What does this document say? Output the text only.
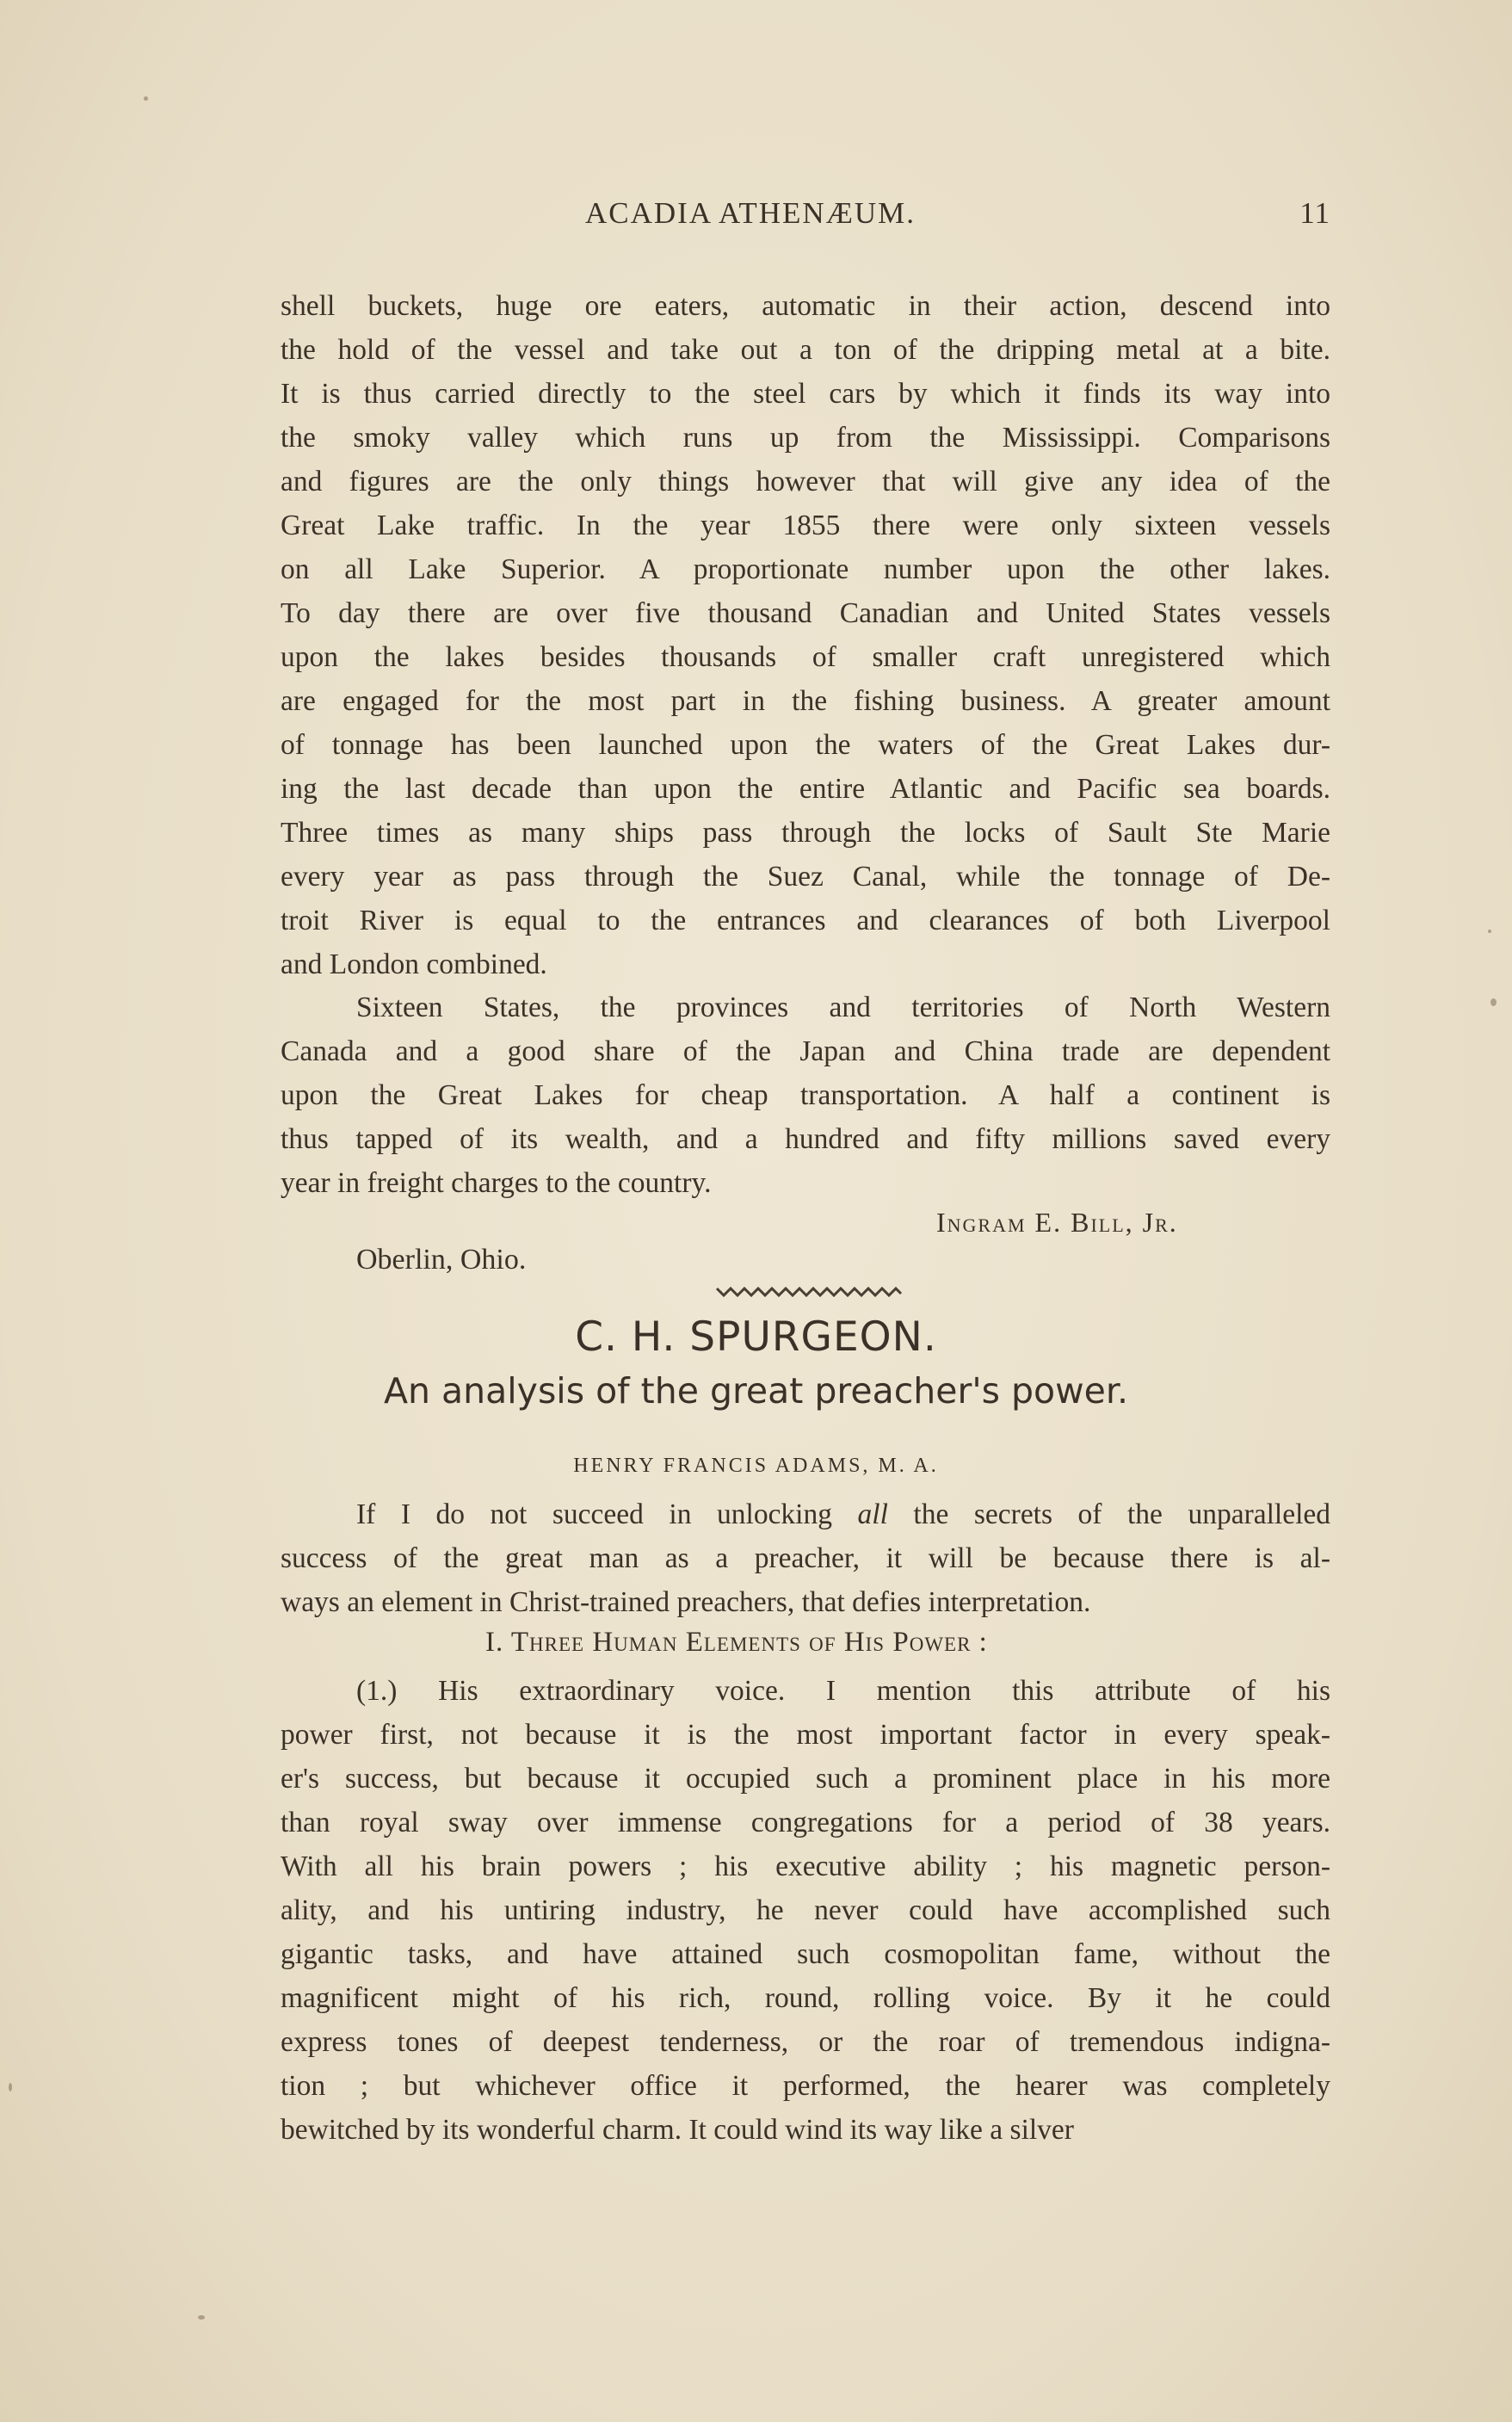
ACADIA ATHENÆUM.	11

shell buckets, huge ore eaters, automatic in their action, descend into

the hold of the vessel and take out a ton of the dripping metal at a bite.

It is thus carried directly to the steel cars by which it finds its way into

the smoky valley which runs up from the Mississippi. Comparisons

and figures are the only things however that will give any idea of the

Great Lake traffic. In the year 1855 there were only sixteen vessels

on all Lake Superior. A proportionate number upon the other lakes.

To day there are over five thousand Canadian and United States vessels

upon the lakes besides thousands of smaller craft unregistered which

are engaged for the most part in the fishing business. A greater amount

of tonnage has been launched upon the waters of the Great Lakes dur-

ing the last decade than upon the entire Atlantic and Pacific sea boards.

Three times as many ships pass through the locks of Sault Ste Marie

every year as pass through the Suez Canal, while the tonnage of De-

troit River is equal to the entrances and clearances of both Liverpool

and London combined.

Sixteen States, the provinces and territories of North Western

Canada and a good share of the Japan and China trade are dependent

upon the Great Lakes for cheap transportation. A half a continent is

thus tapped of its wealth, and a hundred and fifty millions saved every

year in freight charges to the country.

Ingram E. Bill, Jr.
Oberlin, Ohio.
C. H. SPURGEON.
An analysis of the great preacher's power.
HENRY FRANCIS ADAMS, M. A.

If I do not succeed in unlocking all the secrets of the unparalleled

success of the great man as a preacher, it will be because there is al-

ways an element in Christ-trained preachers, that defies interpretation.

I. Three Human Elements of His Power :

(1.) His extraordinary voice. I mention this attribute of his

power first, not because it is the most important factor in every speak-

er's success, but because it occupied such a prominent place in his more

than royal sway over immense congregations for a period of 38 years.

With all his brain powers ; his executive ability ; his magnetic person-

ality, and his untiring industry, he never could have accomplished such

gigantic tasks, and have attained such cosmopolitan fame, without the

magnificent might of his rich, round, rolling voice. By it he could

express tones of deepest tenderness, or the roar of tremendous indigna-

tion ; but whichever office it performed, the hearer was completely

bewitched by its wonderful charm. It could wind its way like a silver
